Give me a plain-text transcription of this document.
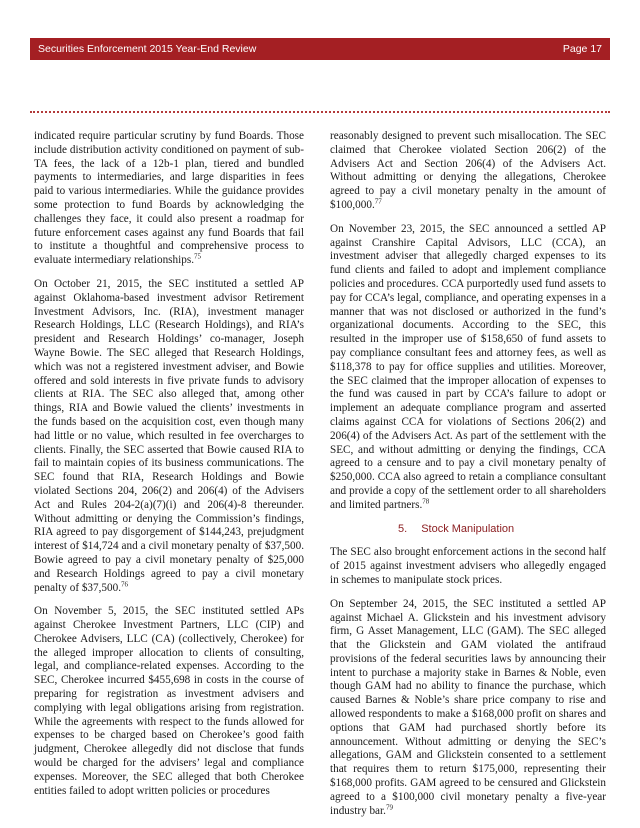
Securities Enforcement 2015 Year-End Review	Page 17

indicated require particular scrutiny by fund Boards. Those include distribution activity conditioned on payment of sub-TA fees, the lack of a 12b-1 plan, tiered and bundled payments to intermediaries, and large disparities in fees paid to various intermediaries. While the guidance provides some protection to fund Boards by acknowledging the challenges they face, it could also present a roadmap for future enforcement cases against any fund Boards that fail to institute a thoughtful and comprehensive process to evaluate intermediary relationships.$^{75}$

On October 21, 2015, the SEC instituted a settled AP against Oklahoma-based investment advisor Retirement Investment Advisors, Inc. (RIA), investment manager Research Holdings, LLC (Research Holdings), and RIA’s president and Research Holdings’ co-manager, Joseph Wayne Bowie. The SEC alleged that Research Holdings, which was not a registered investment adviser, and Bowie offered and sold interests in five private funds to advisory clients at RIA. The SEC also alleged that, among other things, RIA and Bowie valued the clients’ investments in the funds based on the acquisition cost, even though many had little or no value, which resulted in fee overcharges to clients. Finally, the SEC asserted that Bowie caused RIA to fail to maintain copies of its business communications. The SEC found that RIA, Research Holdings and Bowie violated Sections 204, 206(2) and 206(4) of the Advisers Act and Rules 204-2(a)(7)(i) and 206(4)-8 thereunder. Without admitting or denying the Commission’s findings, RIA agreed to pay disgorgement of $144,243, prejudgment interest of $14,724 and a civil monetary penalty of $37,500. Bowie agreed to pay a civil monetary penalty of $25,000 and Research Holdings agreed to pay a civil monetary penalty of $37,500.76

On November 5, 2015, the SEC instituted settled APs against Cherokee Investment Partners, LLC (CIP) and Cherokee Advisers, LLC (CA) (collectively, Cherokee) for the alleged improper allocation to clients of consulting, legal, and compliance-related expenses. According to the SEC, Cherokee incurred $455,698 in costs in the course of preparing for registration as investment advisers and complying with legal obligations arising from registration. While the agreements with respect to the funds allowed for expenses to be charged based on Cherokee’s good faith judgment, Cherokee allegedly did not disclose that funds would be charged for the advisers’ legal and compliance expenses. Moreover, the SEC alleged that both Cherokee entities failed to adopt written policies or procedures

reasonably designed to prevent such misallocation. The SEC claimed that Cherokee violated Section 206(2) of the Advisers Act and Section 206(4) of the Advisers Act. Without admitting or denying the allegations, Cherokee agreed to pay a civil monetary penalty in the amount of $100,000.77

On November 23, 2015, the SEC announced a settled AP against Cranshire Capital Advisors, LLC (CCA), an investment adviser that allegedly charged expenses to its fund clients and failed to adopt and implement compliance policies and procedures. CCA purportedly used fund assets to pay for CCA’s legal, compliance, and operating expenses in a manner that was not disclosed or authorized in the fund’s organizational documents. According to the SEC, this resulted in the improper use of $158,650 of fund assets to pay compliance consultant fees and attorney fees, as well as $118,378 to pay for office supplies and utilities. Moreover, the SEC claimed that the improper allocation of expenses to the fund was caused in part by CCA’s failure to adopt or implement an adequate compliance program and asserted claims against CCA for violations of Sections 206(2) and 206(4) of the Advisers Act. As part of the settlement with the SEC, and without admitting or denying the findings, CCA agreed to a censure and to pay a civil monetary penalty of $250,000. CCA also agreed to retain a compliance consultant and provide a copy of the settlement order to all shareholders and limited partners.$^{78}$

5. Stock Manipulation

The SEC also brought enforcement actions in the second half of 2015 against investment advisers who allegedly engaged in schemes to manipulate stock prices.

On September 24, 2015, the SEC instituted a settled AP against Michael A. Glickstein and his investment advisory firm, G Asset Management, LLC (GAM). The SEC alleged that the Glickstein and GAM violated the antifraud provisions of the federal securities laws by announcing their intent to purchase a majority stake in Barnes & Noble, even though GAM had no ability to finance the purchase, which caused Barnes & Noble’s share price company to rise and allowed respondents to make a $168,000 profit on shares and options that GAM had purchased shortly before its announcement. Without admitting or denying the SEC’s allegations, GAM and Glickstein consented to a settlement that requires them to return $175,000, representing their $168,000 profits. GAM agreed to be censured and Glickstein agreed to a $100,000 civil monetary penalty a five-year industry bar.$^{79}$
